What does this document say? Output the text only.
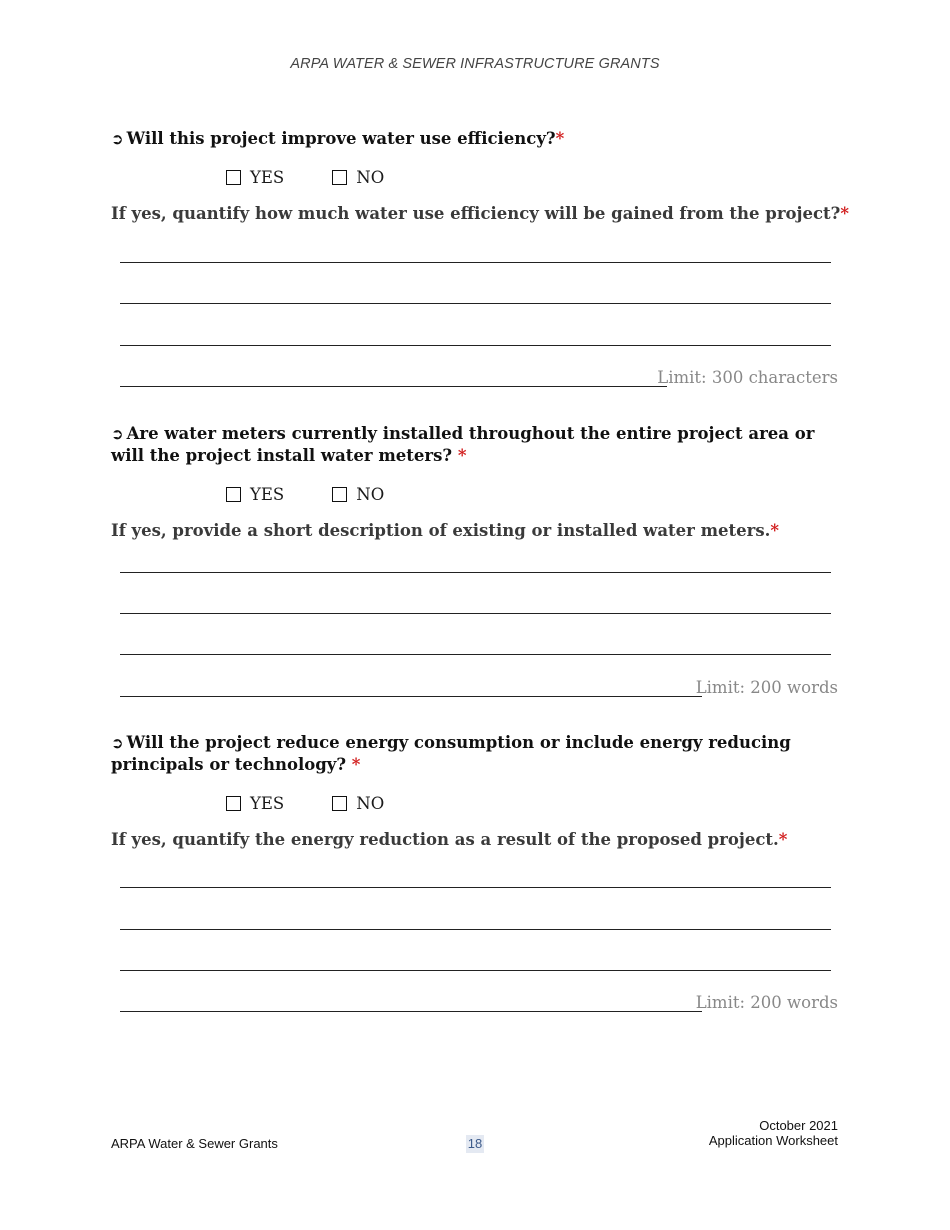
ARPA WATER & SEWER INFRASTRUCTURE GRANTS
➲ Will this project improve water use efficiency?*
YES	NO
If yes, quantify how much water use efficiency will be gained from the project?*
Limit: 300 characters
➲ Are water meters currently installed throughout the entire project area or will the project install water meters? *
YES	NO
If yes, provide a short description of existing or installed water meters.*
Limit: 200 words
➲ Will the project reduce energy consumption or include energy reducing principals or technology? *
YES	NO
If yes, quantify the energy reduction as a result of the proposed project.*
Limit: 200 words
ARPA Water & Sewer Grants	18
October 2021
Application Worksheet
